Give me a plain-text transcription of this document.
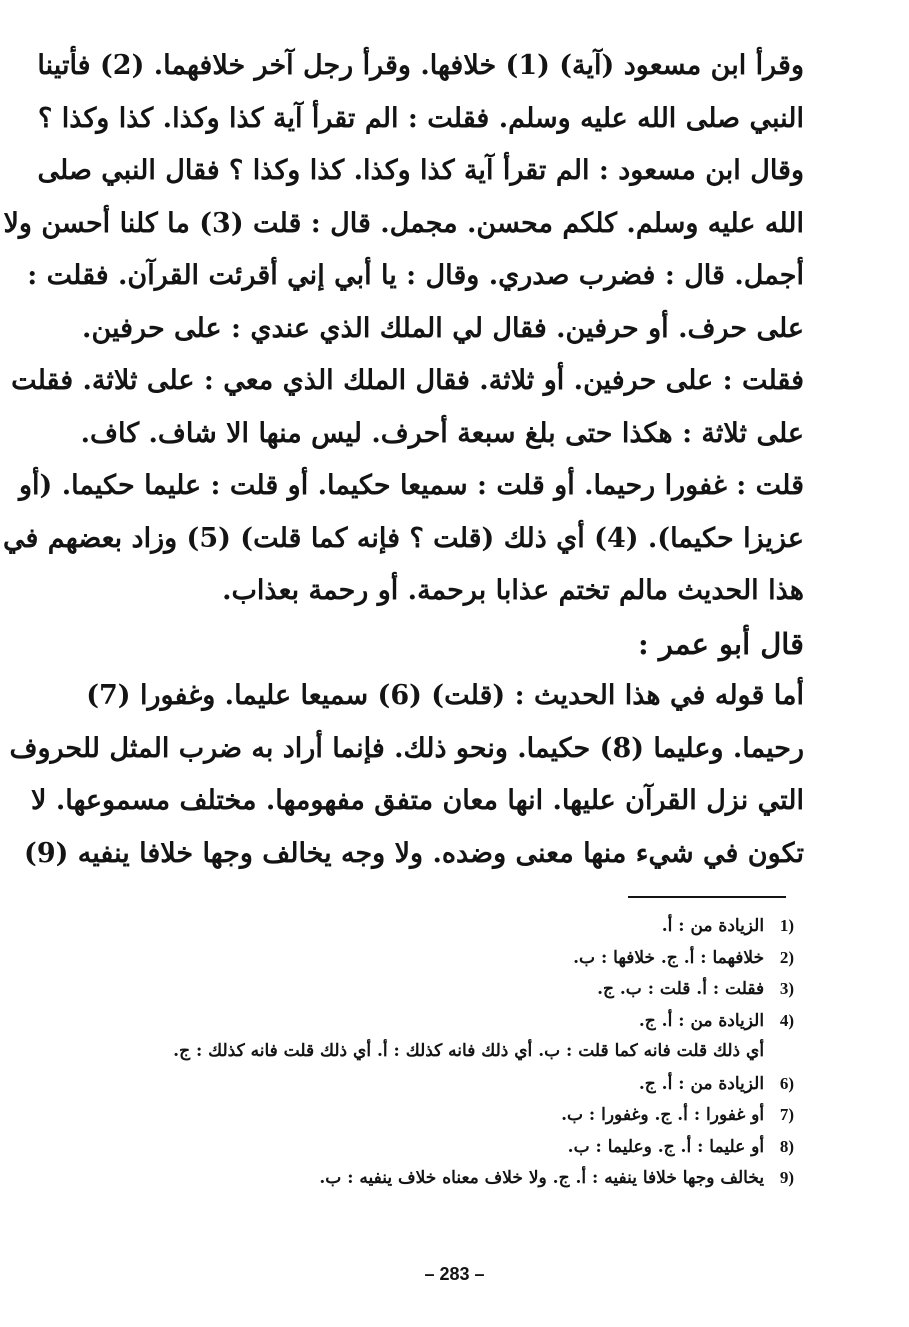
وقرأ ابن مسعود (آية) (1) خلافها. وقرأ رجل آخر خلافهما. (2) فأتينا
النبي صلى الله عليه وسلم. فقلت : الم تقرأ آية كذا وكذا. كذا وكذا ؟
وقال ابن مسعود : الم تقرأ آية كذا وكذا. كذا وكذا ؟ فقال النبي صلى
الله عليه وسلم. كلكم محسن. مجمل. قال : قلت (3) ما كلنا أحسن ولا
أجمل. قال : فضرب صدري. وقال : يا أبي إني أقرئت القرآن. فقلت :
على حرف. أو حرفين. فقال لي الملك الذي عندي : على حرفين.
فقلت : على حرفين. أو ثلاثة. فقال الملك الذي معي : على ثلاثة. فقلت
على ثلاثة : هكذا حتى بلغ سبعة أحرف. ليس منها الا شاف. كاف.
قلت : غفورا رحيما. أو قلت : سميعا حكيما. أو قلت : عليما حكيما. (أو
عزيزا حكيما). (4) أي ذلك (قلت ؟ فإنه كما قلت) (5) وزاد بعضهم في
هذا الحديث مالم تختم عذابا برحمة. أو رحمة بعذاب.
قال أبو عمر :
أما قوله في هذا الحديث : (قلت) (6) سميعا عليما. وغفورا (7)
رحيما. وعليما (8) حكيما. ونحو ذلك. فإنما أراد به ضرب المثل للحروف
التي نزل القرآن عليها. انها معان متفق مفهومها. مختلف مسموعها. لا
تكون في شيء منها معنى وضده. ولا وجه يخالف وجها خلافا ينفيه (9)
1) الزيادة من : أ.
2) خلافهما : أ. ج. خلافها : ب.
3) فقلت : أ. قلت : ب. ج.
4) الزيادة من : أ. ج.
أي ذلك قلت فانه كما قلت : ب. أي ذلك فانه كذلك : أ. أي ذلك قلت فانه كذلك : ج.
6) الزيادة من : أ. ج.
7) أو غفورا : أ. ج. وغفورا : ب.
8) أو عليما : أ. ج. وعليما : ب.
9) يخالف وجها خلافا ينفيه : أ. ج. ولا خلاف معناه خلاف ينفيه : ب.
– 283 –
